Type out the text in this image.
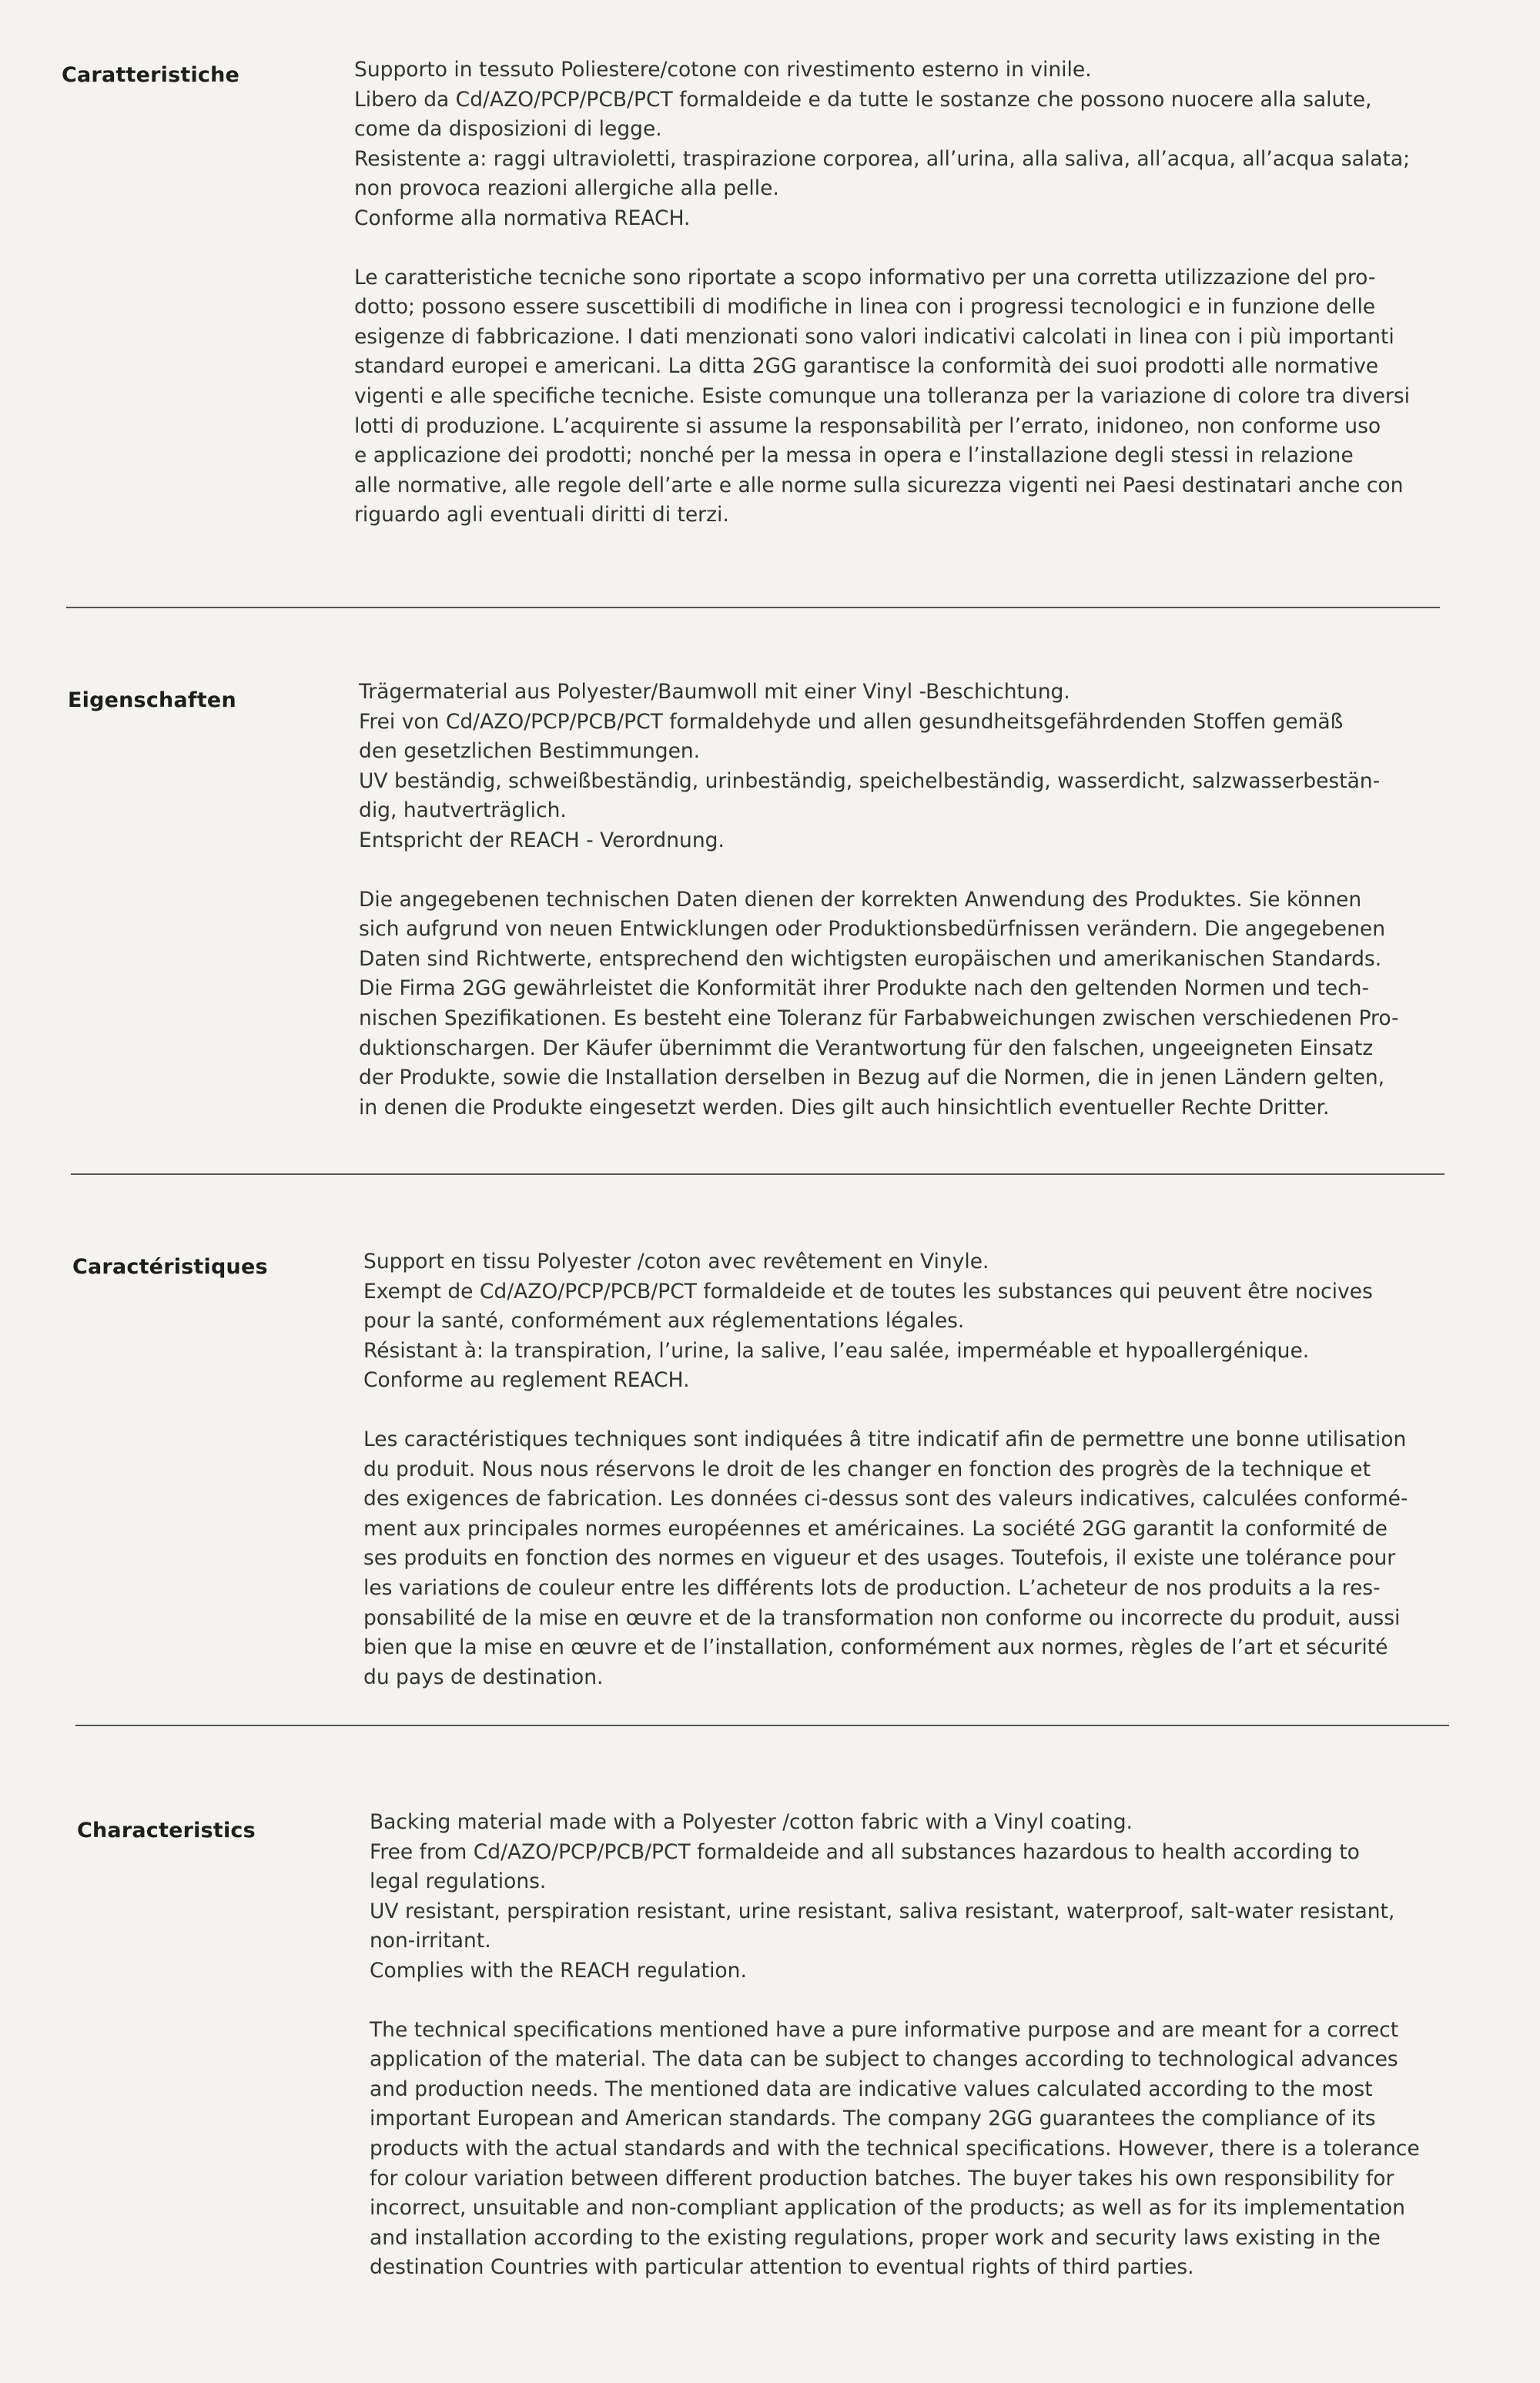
Caratteristiche	Supporto in tessuto Poliestere/cotone con rivestimento esterno in vinile.

Libero da Cd/AZO/PCP/PCB/PCT formaldeide e da tutte le sostanze che possono nuocere alla salute,

come da disposizioni di legge.

Resistente a: raggi ultravioletti, traspirazione corporea, all’urina, alla saliva, all’acqua, all’acqua salata;

non provoca reazioni allergiche alla pelle.

Conforme alla normativa REACH.

Le caratteristiche tecniche sono riportate a scopo informativo per una corretta utilizzazione del pro-

dotto; possono essere suscettibili di modifiche in linea con i progressi tecnologici e in funzione delle

esigenze di fabbricazione. I dati menzionati sono valori indicativi calcolati in linea con i più importanti

standard europei e americani. La ditta 2GG garantisce la conformità dei suoi prodotti alle normative

vigenti e alle specifiche tecniche. Esiste comunque una tolleranza per la variazione di colore tra diversi

lotti di produzione. L’acquirente si assume la responsabilità per l’errato, inidoneo, non conforme uso

e applicazione dei prodotti; nonché per la messa in opera e l’installazione degli stessi in relazione

alle normative, alle regole dell’arte e alle norme sulla sicurezza vigenti nei Paesi destinatari anche con

riguardo agli eventuali diritti di terzi.

Eigenschaften	Trägermaterial aus Polyester/Baumwoll mit einer Vinyl -Beschichtung.

Frei von Cd/AZO/PCP/PCB/PCT formaldehyde und allen gesundheitsgefährdenden Stoffen gemäß

den gesetzlichen Bestimmungen.

UV beständig, schweißbeständig, urinbeständig, speichelbeständig, wasserdicht, salzwasserbestän-

dig, hautverträglich.

Entspricht der REACH - Verordnung.

Die angegebenen technischen Daten dienen der korrekten Anwendung des Produktes. Sie können

sich aufgrund von neuen Entwicklungen oder Produktionsbedürfnissen verändern. Die angegebenen

Daten sind Richtwerte, entsprechend den wichtigsten europäischen und amerikanischen Standards.

Die Firma 2GG gewährleistet die Konformität ihrer Produkte nach den geltenden Normen und tech-

nischen Spezifikationen. Es besteht eine Toleranz für Farbabweichungen zwischen verschiedenen Pro-

duktionschargen. Der Käufer übernimmt die Verantwortung für den falschen, ungeeigneten Einsatz

der Produkte, sowie die Installation derselben in Bezug auf die Normen, die in jenen Ländern gelten,

in denen die Produkte eingesetzt werden. Dies gilt auch hinsichtlich eventueller Rechte Dritter.

Caractéristiques	Support en tissu Polyester /coton avec revêtement en Vinyle.

Exempt de Cd/AZO/PCP/PCB/PCT formaldeide et de toutes les substances qui peuvent être nocives

pour la santé, conformément aux réglementations légales.

Résistant à: la transpiration, l’urine, la salive, l’eau salée, imperméable et hypoallergénique.

Conforme au reglement REACH.

Les caractéristiques techniques sont indiquées â titre indicatif afin de permettre une bonne utilisation

du produit. Nous nous réservons le droit de les changer en fonction des progrès de la technique et

des exigences de fabrication. Les données ci-dessus sont des valeurs indicatives, calculées conformé-

ment aux principales normes européennes et américaines. La société 2GG garantit la conformité de

ses produits en fonction des normes en vigueur et des usages. Toutefois, il existe une tolérance pour

les variations de couleur entre les différents lots de production. L’acheteur de nos produits a la res-

ponsabilité de la mise en œuvre et de la transformation non conforme ou incorrecte du produit, aussi

bien que la mise en œuvre et de l’installation, conformément aux normes, règles de l’art et sécurité

du pays de destination.

Characteristics	Backing material made with a Polyester /cotton fabric with a Vinyl coating.

Free from Cd/AZO/PCP/PCB/PCT formaldeide and all substances hazardous to health according to

legal regulations.

UV resistant, perspiration resistant, urine resistant, saliva resistant, waterproof, salt-water resistant,

non-irritant.

Complies with the REACH regulation.

The technical specifications mentioned have a pure informative purpose and are meant for a correct

application of the material. The data can be subject to changes according to technological advances

and production needs. The mentioned data are indicative values calculated according to the most

important European and American standards. The company 2GG guarantees the compliance of its

products with the actual standards and with the technical specifications. However, there is a tolerance

for colour variation between different production batches. The buyer takes his own responsibility for

incorrect, unsuitable and non-compliant application of the products; as well as for its implementation

and installation according to the existing regulations, proper work and security laws existing in the

destination Countries with particular attention to eventual rights of third parties.
